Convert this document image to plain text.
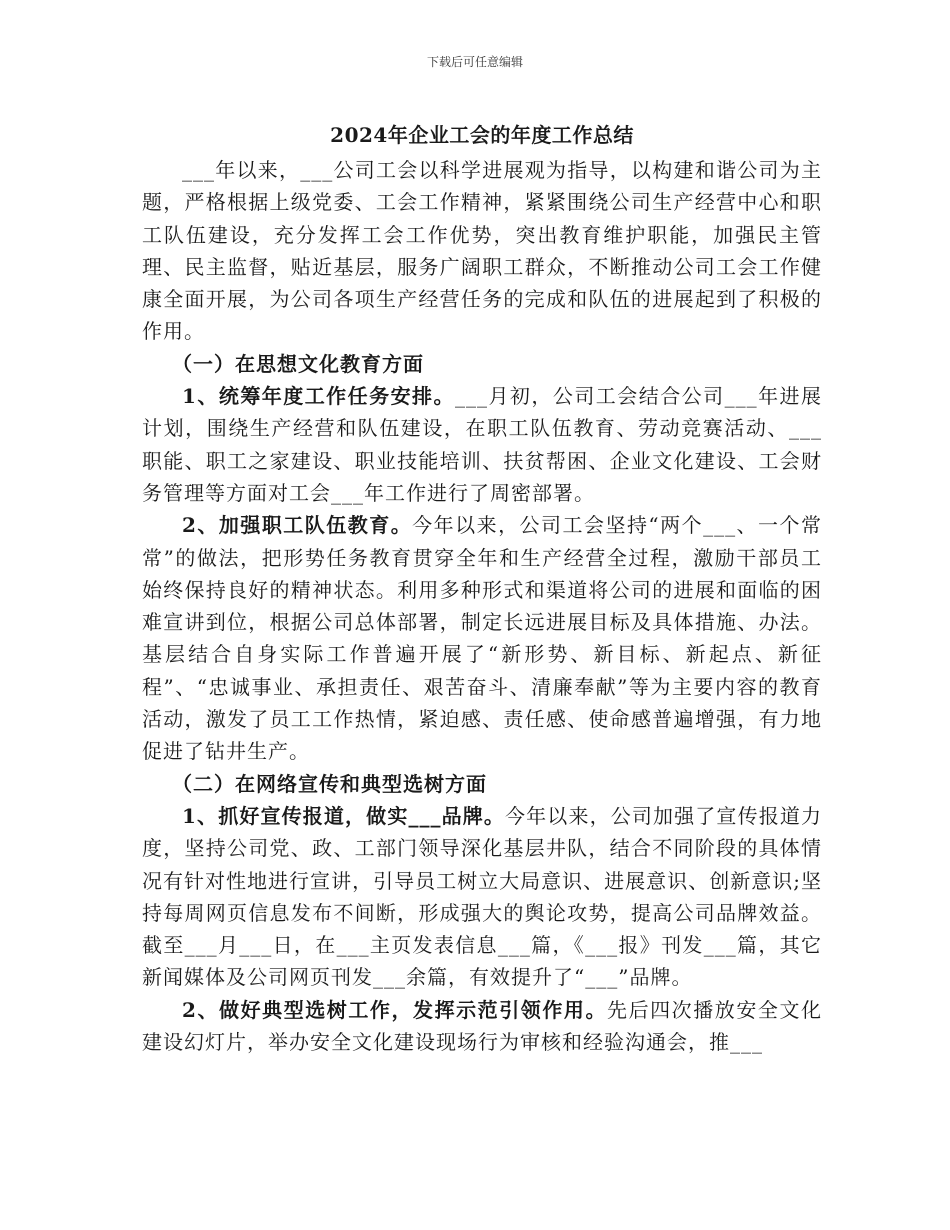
下载后可任意编辑
2024年企业工会的年度工作总结

___年以来，___公司工会以科学进展观为指导，以构建和谐公司为主题，严格根据上级党委、工会工作精神，紧紧围绕公司生产经营中心和职工队伍建设，充分发挥工会工作优势，突出教育维护职能，加强民主管理、民主监督，贴近基层，服务广阔职工群众，不断推动公司工会工作健康全面开展，为公司各项生产经营任务的完成和队伍的进展起到了积极的作用。

（一）在思想文化教育方面

1、统筹年度工作任务安排。___月初，公司工会结合公司___年进展计划，围绕生产经营和队伍建设，在职工队伍教育、劳动竞赛活动、___职能、职工之家建设、职业技能培训、扶贫帮困、企业文化建设、工会财务管理等方面对工会___年工作进行了周密部署。

2、加强职工队伍教育。今年以来，公司工会坚持“两个___、一个常常”的做法，把形势任务教育贯穿全年和生产经营全过程，激励干部员工始终保持良好的精神状态。利用多种形式和渠道将公司的进展和面临的困难宣讲到位，根据公司总体部署，制定长远进展目标及具体措施、办法。基层结合自身实际工作普遍开展了“新形势、新目标、新起点、新征程”、“忠诚事业、承担责任、艰苦奋斗、清廉奉献”等为主要内容的教育活动，激发了员工工作热情，紧迫感、责任感、使命感普遍增强，有力地促进了钻井生产。

（二）在网络宣传和典型选树方面

1、抓好宣传报道，做实___品牌。今年以来，公司加强了宣传报道力度，坚持公司党、政、工部门领导深化基层井队，结合不同阶段的具体情况有针对性地进行宣讲，引导员工树立大局意识、进展意识、创新意识;坚持每周网页信息发布不间断，形成强大的舆论攻势，提高公司品牌效益。截至___月___日，在___主页发表信息___篇，《___报》刊发___篇，其它新闻媒体及公司网页刊发___余篇，有效提升了“___”品牌。

2、做好典型选树工作，发挥示范引领作用。先后四次播放安全文化建设幻灯片，举办安全文化建设现场行为审核和经验沟通会，推___
